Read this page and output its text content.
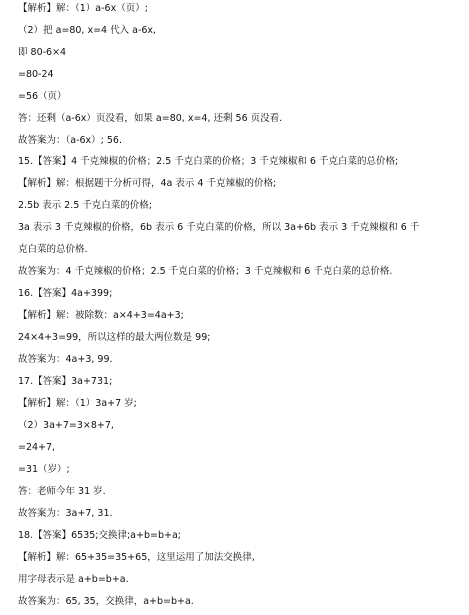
【解析】解：（1）a-6x（页）;
（2）把 a=80, x=4 代入 a-6x,
即 80-6×4
=80-24
=56（页）
答：还剩（a-6x）页没看，如果 a=80, x=4, 还剩 56 页没看.
故答案为：（a-6x）; 56.
15.【答案】4 千克辣椒的价格；2.5 千克白菜的价格；3 千克辣椒和 6 千克白菜的总价格;
【解析】解：根据题干分析可得，4a 表示 4 千克辣椒的价格;
2.5b 表示 2.5 千克白菜的价格;
3a 表示 3 千克辣椒的价格，6b 表示 6 千克白菜的价格，所以 3a+6b 表示 3 千克辣椒和 6 千
克白菜的总价格.
故答案为：4 千克辣椒的价格；2.5 千克白菜的价格；3 千克辣椒和 6 千克白菜的总价格.
16.【答案】4a+399;
【解析】解：被除数：a×4+3=4a+3;
24×4+3=99，所以这样的最大两位数是 99;
故答案为：4a+3, 99.
17.【答案】3a+731;
【解析】解：（1）3a+7 岁;
（2）3a+7=3×8+7,
=24+7,
=31（岁）;
答：老师今年 31 岁.
故答案为：3a+7, 31.
18.【答案】6535;交换律;a+b=b+a;
【解析】解：65+35=35+65，这里运用了加法交换律,
用字母表示是 a+b=b+a.
故答案为：65, 35，交换律，a+b=b+a.
